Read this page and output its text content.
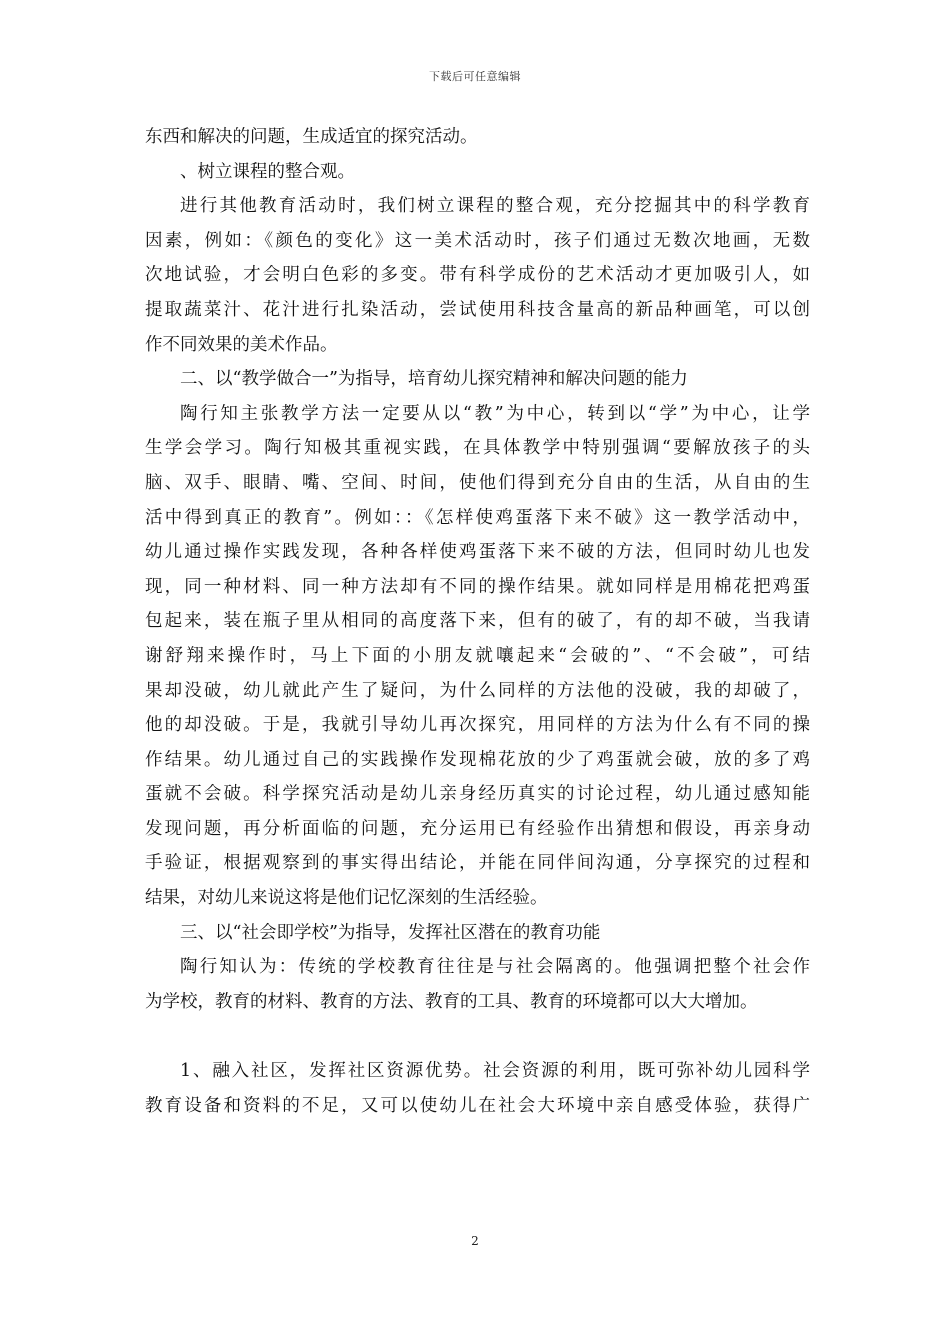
下载后可任意编辑
东西和解决的问题，生成适宜的探究活动。
、树立课程的整合观。
进行其他教育活动时，我们树立课程的整合观，充分挖掘其中的科学教育
因素，例如：《颜色的变化》这一美术活动时，孩子们通过无数次地画，无数
次地试验，才会明白色彩的多变。带有科学成份的艺术活动才更加吸引人，如
提取蔬菜汁、花汁进行扎染活动，尝试使用科技含量高的新品种画笔，可以创
作不同效果的美术作品。
二、以“教学做合一”为指导，培育幼儿探究精神和解决问题的能力
陶行知主张教学方法一定要从以“教”为中心，转到以“学”为中心，让学
生学会学习。陶行知极其重视实践，在具体教学中特别强调“要解放孩子的头
脑、双手、眼睛、嘴、空间、时间，使他们得到充分自由的生活，从自由的生
活中得到真正的教育”。例如：：《怎样使鸡蛋落下来不破》这一教学活动中，
幼儿通过操作实践发现，各种各样使鸡蛋落下来不破的方法，但同时幼儿也发
现，同一种材料、同一种方法却有不同的操作结果。就如同样是用棉花把鸡蛋
包起来，装在瓶子里从相同的高度落下来，但有的破了，有的却不破，当我请
谢舒翔来操作时，马上下面的小朋友就嚷起来“会破的”、“不会破”，可结
果却没破，幼儿就此产生了疑问，为什么同样的方法他的没破，我的却破了，
他的却没破。于是，我就引导幼儿再次探究，用同样的方法为什么有不同的操
作结果。幼儿通过自己的实践操作发现棉花放的少了鸡蛋就会破，放的多了鸡
蛋就不会破。科学探究活动是幼儿亲身经历真实的讨论过程，幼儿通过感知能
发现问题，再分析面临的问题，充分运用已有经验作出猜想和假设，再亲身动
手验证，根据观察到的事实得出结论，并能在同伴间沟通，分享探究的过程和
结果，对幼儿来说这将是他们记忆深刻的生活经验。
三、以“社会即学校”为指导，发挥社区潜在的教育功能
陶行知认为：传统的学校教育往往是与社会隔离的。他强调把整个社会作
为学校，教育的材料、教育的方法、教育的工具、教育的环境都可以大大增加。
1、融入社区，发挥社区资源优势。社会资源的利用，既可弥补幼儿园科学
教育设备和资料的不足，又可以使幼儿在社会大环境中亲自感受体验，获得广
2
